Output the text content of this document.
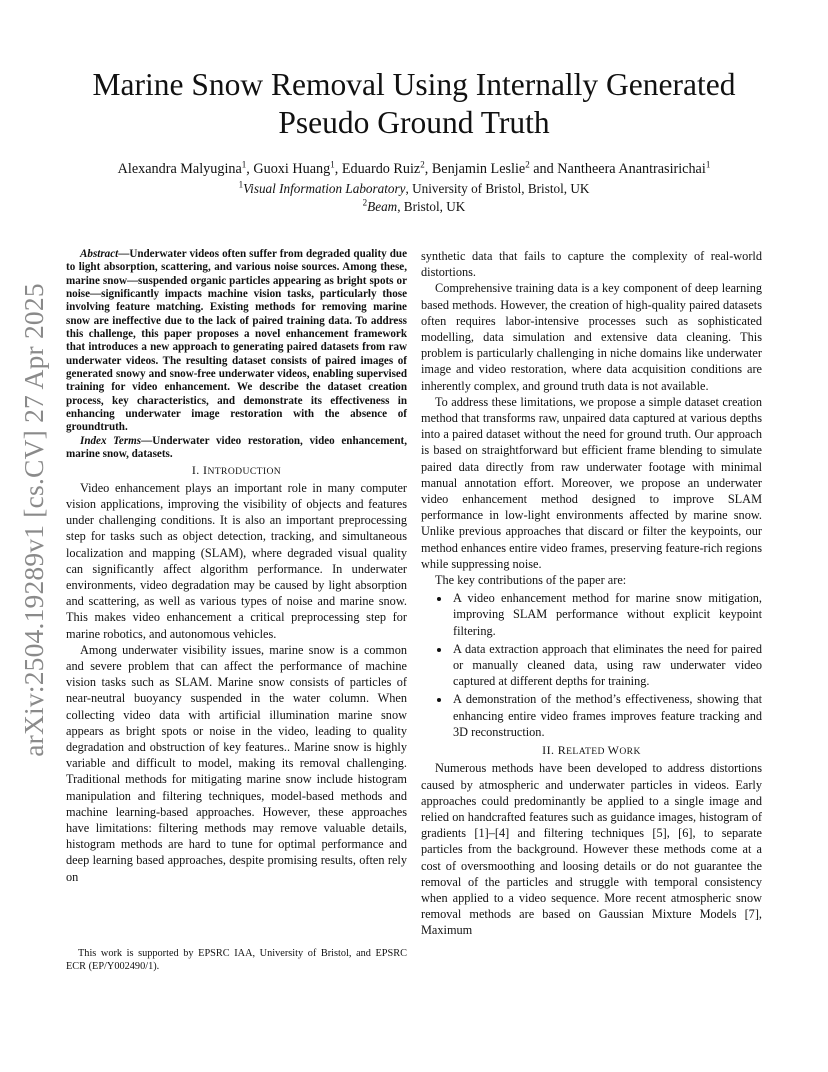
arXiv:2504.19289v1 [cs.CV] 27 Apr 2025
Marine Snow Removal Using Internally Generated
Pseudo Ground Truth
Alexandra Malyugina$^1$, Guoxi Huang$^1$, Eduardo Ruiz$^2$, Benjamin Leslie$^2$ and Nantheera Anantrasirichai$^1$
$^1$Visual Information Laboratory, University of Bristol, Bristol, UK
$^2$Beam, Bristol, UK

Abstract—Underwater videos often suffer from degraded quality due to light absorption, scattering, and various noise sources. Among these, marine snow—suspended organic particles appearing as bright spots or noise—significantly impacts machine vision tasks, particularly those involving feature matching. Existing methods for removing marine snow are ineffective due to the lack of paired training data. To address this challenge, this paper proposes a novel enhancement framework that introduces a new approach to generating paired datasets from raw underwater videos. The resulting dataset consists of paired images of generated snowy and snow-free underwater videos, enabling supervised training for video enhancement. We describe the dataset creation process, key characteristics, and demonstrate its effectiveness in enhancing underwater image restoration with the absence of groundtruth.

Index Terms—Underwater video restoration, video enhancement, marine snow, datasets.

I. INTRODUCTION

Video enhancement plays an important role in many computer vision applications, improving the visibility of objects and features under challenging conditions. It is also an important preprocessing step for tasks such as object detection, tracking, and simultaneous localization and mapping (SLAM), where degraded visual quality can significantly affect algorithm performance. In underwater environments, video degradation may be caused by light absorption and scattering, as well as various types of noise and marine snow. This makes video enhancement a critical preprocessing step for marine robotics, and autonomous vehicles.

Among underwater visibility issues, marine snow is a common and severe problem that can affect the performance of machine vision tasks such as SLAM. Marine snow consists of particles of near-neutral buoyancy suspended in the water column. When collecting video data with artificial illumination marine snow appears as bright spots or noise in the video, leading to quality degradation and obstruction of key features.. Marine snow is highly variable and difficult to model, making its removal challenging. Traditional methods for mitigating marine snow include histogram manipulation and filtering techniques, model-based methods and machine learning-based approaches. However, these approaches have limitations: filtering methods may remove valuable details, histogram methods are hard to tune for optimal performance and deep learning based approaches, despite promising results, often rely on

This work is supported by EPSRC IAA, University of Bristol, and EPSRC ECR (EP/Y002490/1).

synthetic data that fails to capture the complexity of real-world distortions.

Comprehensive training data is a key component of deep learning based methods. However, the creation of high-quality paired datasets often requires labor-intensive processes such as sophisticated modelling, data simulation and extensive data cleaning. This problem is particularly challenging in niche domains like underwater image and video restoration, where data acquisition conditions are inherently complex, and ground truth data is not available.

To address these limitations, we propose a simple dataset creation method that transforms raw, unpaired data captured at various depths into a paired dataset without the need for ground truth. Our approach is based on straightforward but efficient frame blending to simulate paired data directly from raw underwater footage with minimal manual annotation effort. Moreover, we propose an underwater video enhancement method designed to improve SLAM performance in low-light environments affected by marine snow. Unlike previous approaches that discard or filter the keypoints, our method enhances entire video frames, preserving feature-rich regions while suppressing noise.

The key contributions of the paper are:

• A video enhancement method for marine snow mitigation, improving SLAM performance without explicit keypoint filtering.
• A data extraction approach that eliminates the need for paired or manually cleaned data, using raw underwater video captured at different depths for training.
• A demonstration of the method’s effectiveness, showing that enhancing entire video frames improves feature tracking and 3D reconstruction.

II. RELATED WORK

Numerous methods have been developed to address distortions caused by atmospheric and underwater particles in videos. Early approaches could predominantly be applied to a single image and relied on handcrafted features such as guidance images, histogram of gradients [1]–[4] and filtering techniques [5], [6], to separate particles from the background. However these methods come at a cost of oversmoothing and loosing details or do not guarantee the removal of the particles and struggle with temporal consistency when applied to a video sequence. More recent atmospheric snow removal methods are based on Gaussian Mixture Models [7], Maximum
